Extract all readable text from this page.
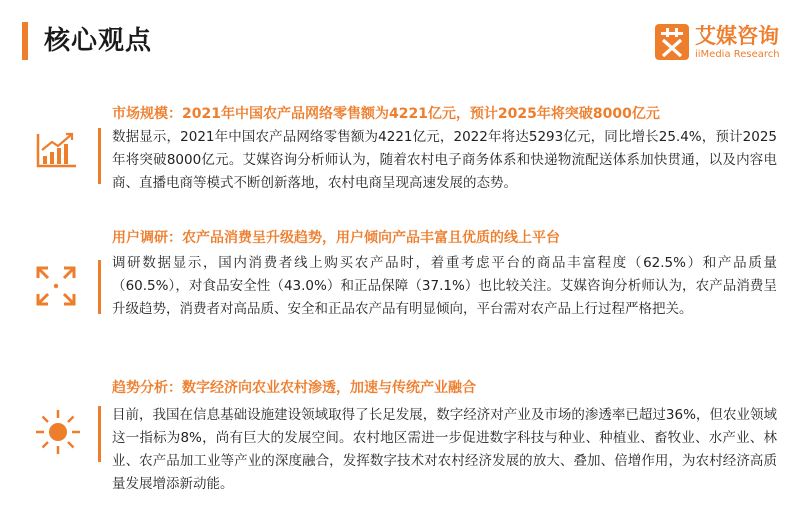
核心观点	艾媒咨询
iiMedia Research
市场规模：2021年中国农产品网络零售额为4221亿元，预计2025年将突破8000亿元
数据显示，2021年中国农产品网络零售额为4221亿元，2022年将达5293亿元，同比增长25.4%，预计2025年将突破8000亿元。艾媒咨询分析师认为，随着农村电子商务体系和快递物流配送体系加快贯通，以及内容电商、直播电商等模式不断创新落地，农村电商呈现高速发展的态势。
用户调研：农产品消费呈升级趋势，用户倾向产品丰富且优质的线上平台
调研数据显示，国内消费者线上购买农产品时，着重考虑平台的商品丰富程度（62.5%）和产品质量（60.5%），对食品安全性（43.0%）和正品保障（37.1%）也比较关注。艾媒咨询分析师认为，农产品消费呈升级趋势，消费者对高品质、安全和正品农产品有明显倾向，平台需对农产品上行过程严格把关。
趋势分析：数字经济向农业农村渗透，加速与传统产业融合
目前，我国在信息基础设施建设领域取得了长足发展，数字经济对产业及市场的渗透率已超过36%，但农业领域这一指标为8%，尚有巨大的发展空间。农村地区需进一步促进数字科技与种业、种植业、畜牧业、水产业、林业、农产品加工业等产业的深度融合，发挥数字技术对农村经济发展的放大、叠加、倍增作用，为农村经济高质量发展增添新动能。
